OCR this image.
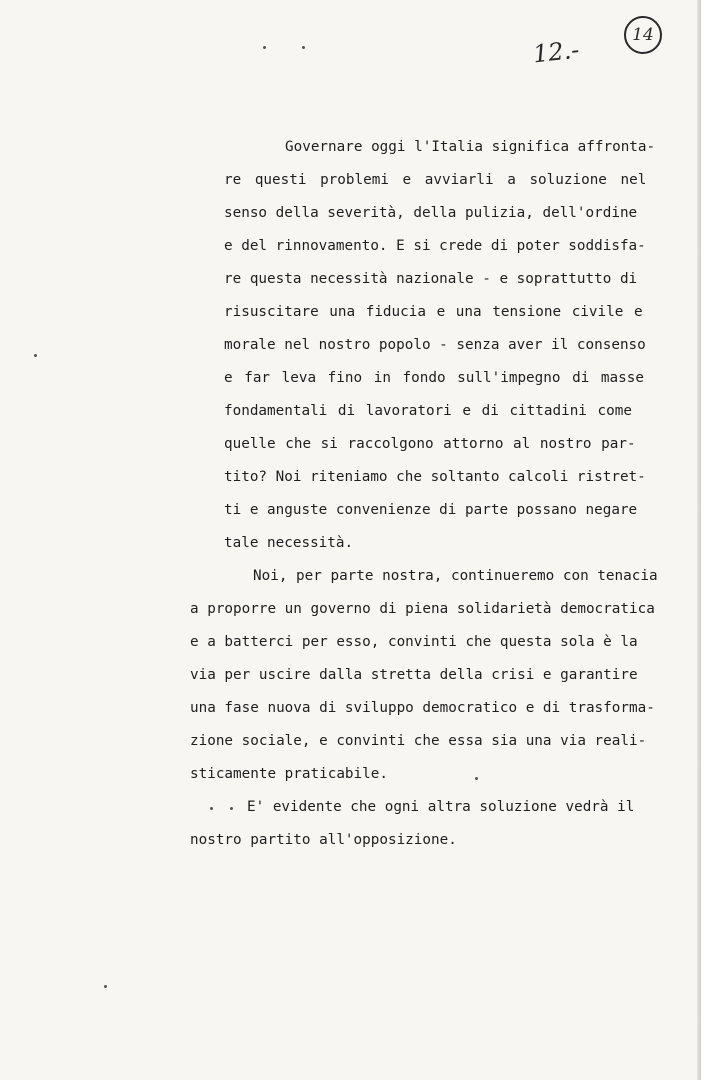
12.-
14
Governare oggi l'Italia significa affronta-
re questi problemi e avviarli a soluzione nel
senso della severità, della pulizia, dell'ordine
e del rinnovamento. E si crede di poter soddisfa-
re questa necessità nazionale - e soprattutto di
risuscitare una fiducia e una tensione civile e
morale nel nostro popolo - senza aver il consenso
e far leva fino in fondo sull'impegno di masse
fondamentali di lavoratori e di cittadini come
quelle che si raccolgono attorno al nostro par-
tito? Noi riteniamo che soltanto calcoli ristret-
ti e anguste convenienze di parte possano negare
tale necessità.
Noi, per parte nostra, continueremo con tenacia
a proporre un governo di piena solidarietà democratica
e a batterci per esso, convinti che questa sola è la
via per uscire dalla stretta della crisi e garantire
una fase nuova di sviluppo democratico e di trasforma-
zione sociale, e convinti che essa sia una via reali-
sticamente praticabile.
E' evidente che ogni altra soluzione vedrà il
nostro partito all'opposizione.
